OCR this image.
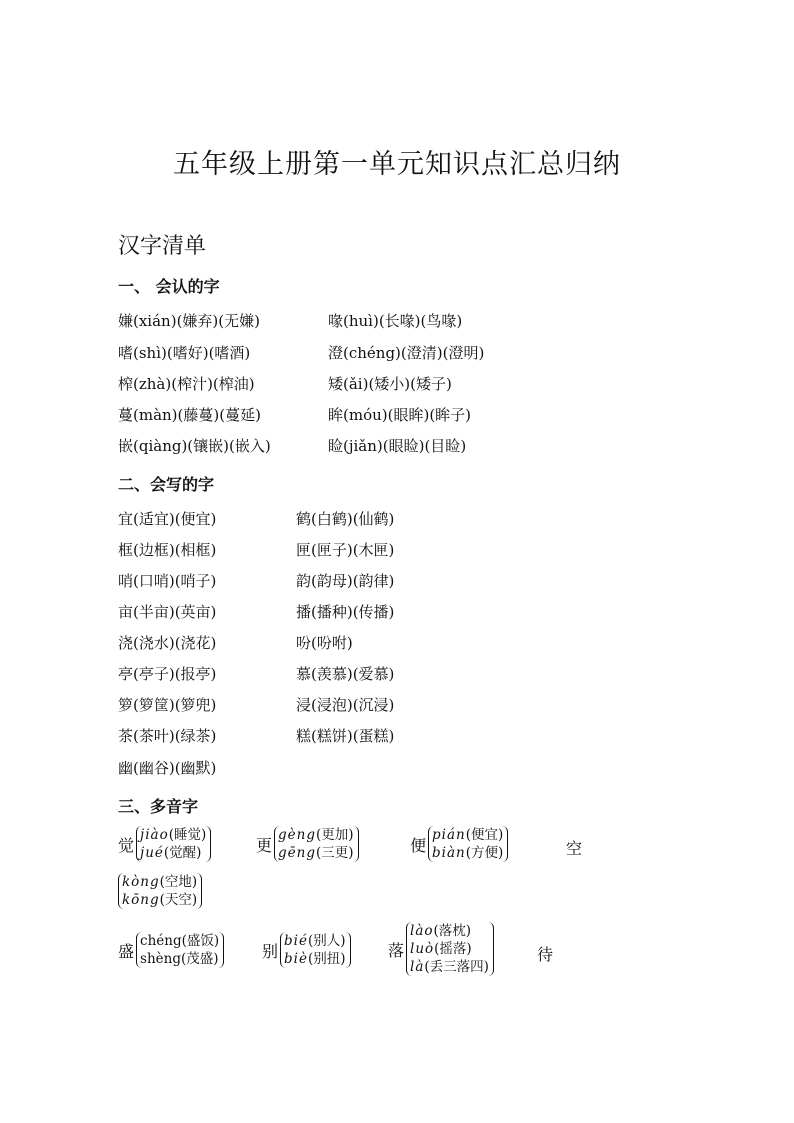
五年级上册第一单元知识点汇总归纳
汉字清单
一、 会认的字
嫌(xián)(嫌弃)(无嫌)	喙(huì)(长喙)(鸟喙)
嗜(shì)(嗜好)(嗜酒)	澄(chéng)(澄清)(澄明)
榨(zhà)(榨汁)(榨油)	矮(ǎi)(矮小)(矮子)
蔓(màn)(藤蔓)(蔓延)	眸(móu)(眼眸)(眸子)
嵌(qiàng)(镶嵌)(嵌入)	睑(jiǎn)(眼睑)(目睑)
二、会写的字
宜(适宜)(便宜)	鹤(白鹤)(仙鹤)
框(边框)(相框)	匣(匣子)(木匣)
哨(口哨)(哨子)	韵(韵母)(韵律)
亩(半亩)(英亩)	播(播种)(传播)
浇(浇水)(浇花)	吩(吩咐)
亭(亭子)(报亭)	慕(羡慕)(爱慕)
箩(箩筐)(箩兜)	浸(浸泡)(沉浸)
茶(茶叶)(绿茶)	糕(糕饼)(蛋糕)
幽(幽谷)(幽默)
三、多音字
觉
jiào(睡觉)
jué(觉醒)	更
gèng(更加)
gēng(三更)	便
pián(便宜)
biàn(方便)	空
kòng(空地)
kōng(天空)
盛
chéng(盛饭)
shèng(茂盛)	别
bié(别人)
biè(别扭)	落
lào(落枕)
luò(摇落)
là(丢三落四)
待
